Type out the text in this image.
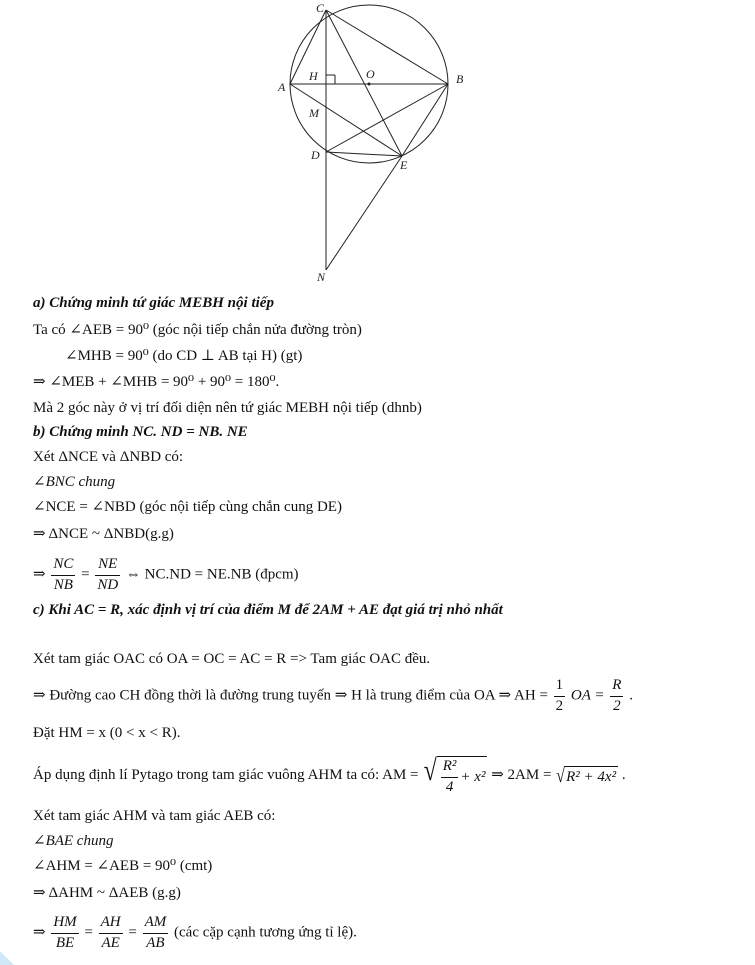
C
H	O
A
B
M
D
E
N
a) Chứng minh tứ giác MEBH nội tiếp
Ta có ∠AEB = 90⁰ (góc nội tiếp chắn nửa đường tròn)
∠MHB = 90⁰ (do CD ⊥ AB tại H) (gt)
⇒ ∠MEB + ∠MHB = 90⁰ + 90⁰ = 180⁰.
Mà 2 góc này ở vị trí đối diện nên tứ giác MEBH nội tiếp (dhnb)
b) Chứng minh NC. ND = NB. NE
Xét ΔNCE và ΔNBD có:
∠BNC chung
∠NCE = ∠NBD (góc nội tiếp cùng chắn cung DE)
⇒ ΔNCE ~ ΔNBD(g.g)
⇒ $\frac{NC}{NB} = \frac{NE}{ND}$ ⇔ NC.ND = NE.NB (đpcm)
c) Khi AC = R, xác định vị trí của điểm M để 2AM + AE đạt giá trị nhỏ nhất
Xét tam giác OAC có OA = OC = AC = R => Tam giác OAC đều.
⇒ Đường cao CH đồng thời là đường trung tuyến ⇒ H là trung điểm của OA ⇒ AH = $\frac{1}{2}$ OA = $\frac{R}{2}$ .
Đặt HM = x (0 < x < R).
Áp dụng định lí Pytago trong tam giác vuông AHM ta có: AM = √ $\frac{\text{R²}}{4} + x^2$ ⇒ 2AM = √ R² + 4x² .
Xét tam giác AHM và tam giác AEB có:
∠BAE chung
∠AHM = ∠AEB = 90⁰ (cmt)
⇒ ΔAHM ~ ΔAEB (g.g)
⇒ $\frac{HM}{BE} = \frac{AH}{AE} = \frac{AM}{AB}$ (các cặp cạnh tương ứng tỉ lệ).
